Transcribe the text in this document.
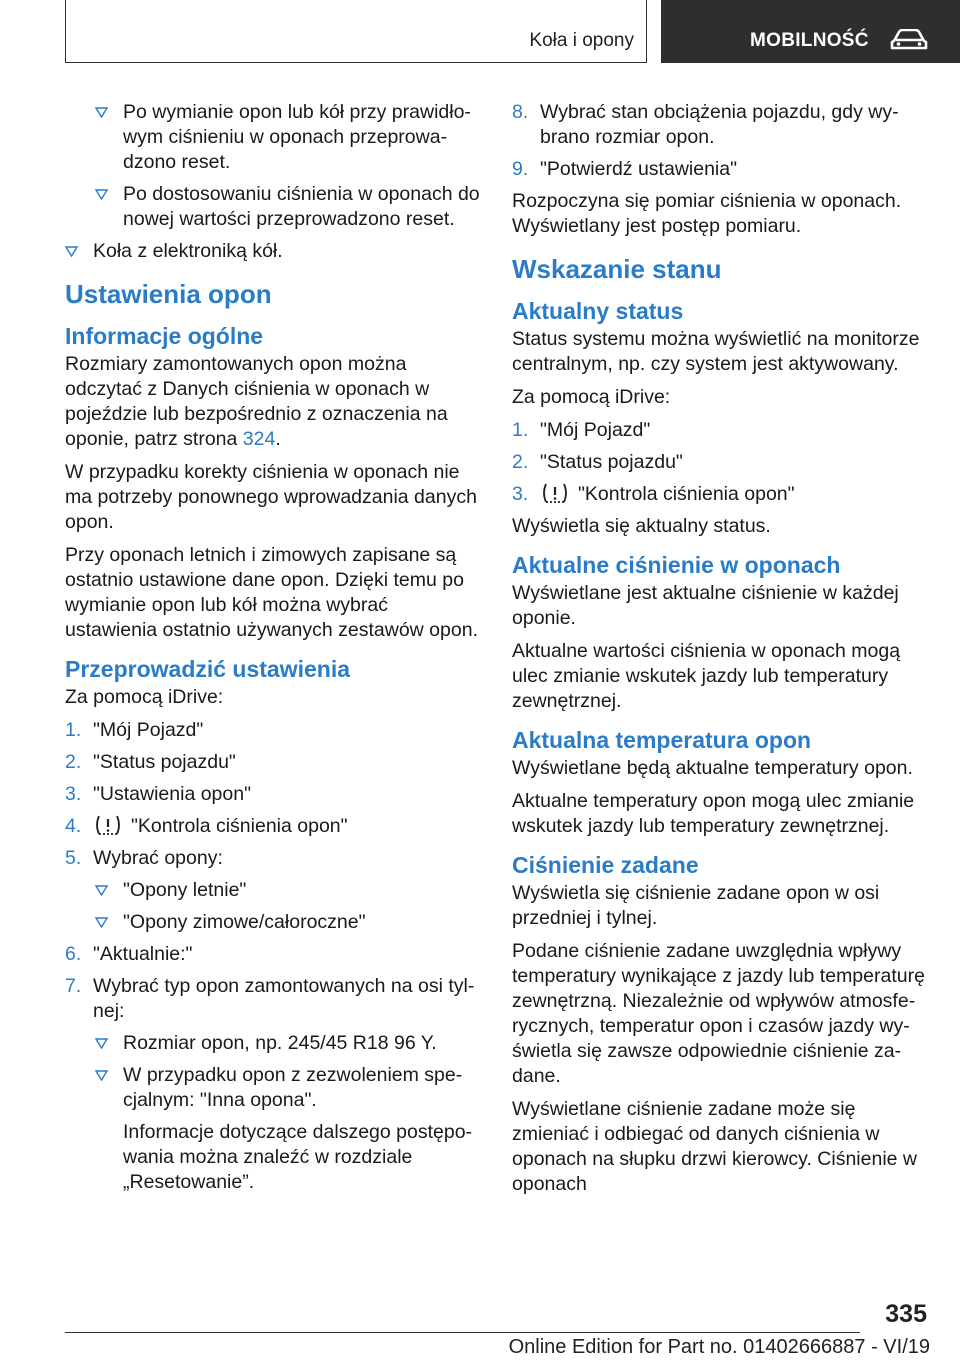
Koła i opony	MOBILNOŚĆ
Po wymianie opon lub kół przy prawidłowym ciśnieniu w oponach przeprowadzono reset.
Po dostosowaniu ciśnienia w oponach do nowej wartości przeprowadzono reset.
Koła z elektroniką kół.
Ustawienia opon
Informacje ogólne

Rozmiary zamontowanych opon można odczytać z Danych ciśnienia w oponach w pojeździe lub bezpośrednio z oznaczenia na oponie, patrz strona 324.

W przypadku korekty ciśnienia w oponach nie ma potrzeby ponownego wprowadzania danych opon.

Przy oponach letnich i zimowych zapisane są ostatnio ustawione dane opon. Dzięki temu po wymianie opon lub kół można wybrać ustawienia ostatnio używanych zestawów opon.

Przeprowadzić ustawienia

Za pomocą iDrive:

1. "Mój Pojazd"
2. "Status pojazdu"
3. "Ustawienia opon"
4.	"Kontrola ciśnienia opon"
5. Wybrać opony:
"Opony letnie"
"Opony zimowe/całoroczne"
6. "Aktualnie:"
7. Wybrać typ opon zamontowanych na osi tylnej:
Rozmiar opon, np. 245/45 R18 96 Y.
W przypadku opon z zezwoleniem specjalnym: "Inna opona".
Informacje dotyczące dalszego postępowania można znaleźć w rozdziale „Resetowanie”.
8. Wybrać stan obciążenia pojazdu, gdy wybrano rozmiar opon.
9. "Potwierdź ustawienia"

Rozpoczyna się pomiar ciśnienia w oponach. Wyświetlany jest postęp pomiaru.

Wskazanie stanu
Aktualny status

Status systemu można wyświetlić na monitorze centralnym, np. czy system jest aktywowany.

Za pomocą iDrive:

1. "Mój Pojazd"
2. "Status pojazdu"
3.	"Kontrola ciśnienia opon"

Wyświetla się aktualny status.

Aktualne ciśnienie w oponach

Wyświetlane jest aktualne ciśnienie w każdej oponie.

Aktualne wartości ciśnienia w oponach mogą ulec zmianie wskutek jazdy lub temperatury zewnętrznej.

Aktualna temperatura opon

Wyświetlane będą aktualne temperatury opon.

Aktualne temperatury opon mogą ulec zmianie wskutek jazdy lub temperatury zewnętrznej.

Ciśnienie zadane

Wyświetla się ciśnienie zadane opon w osi przedniej i tylnej.

Podane ciśnienie zadane uwzględnia wpływy temperatury wynikające z jazdy lub temperaturę zewnętrzną. Niezależnie od wpływów atmosferycznych, temperatur opon i czasów jazdy wyświetla się zawsze odpowiednie ciśnienie zadane.

Wyświetlane ciśnienie zadane może się zmieniać i odbiegać od danych ciśnienia w oponach na słupku drzwi kierowcy. Ciśnienie w oponach

335
Online Edition for Part no. 01402666887 - VI/19
